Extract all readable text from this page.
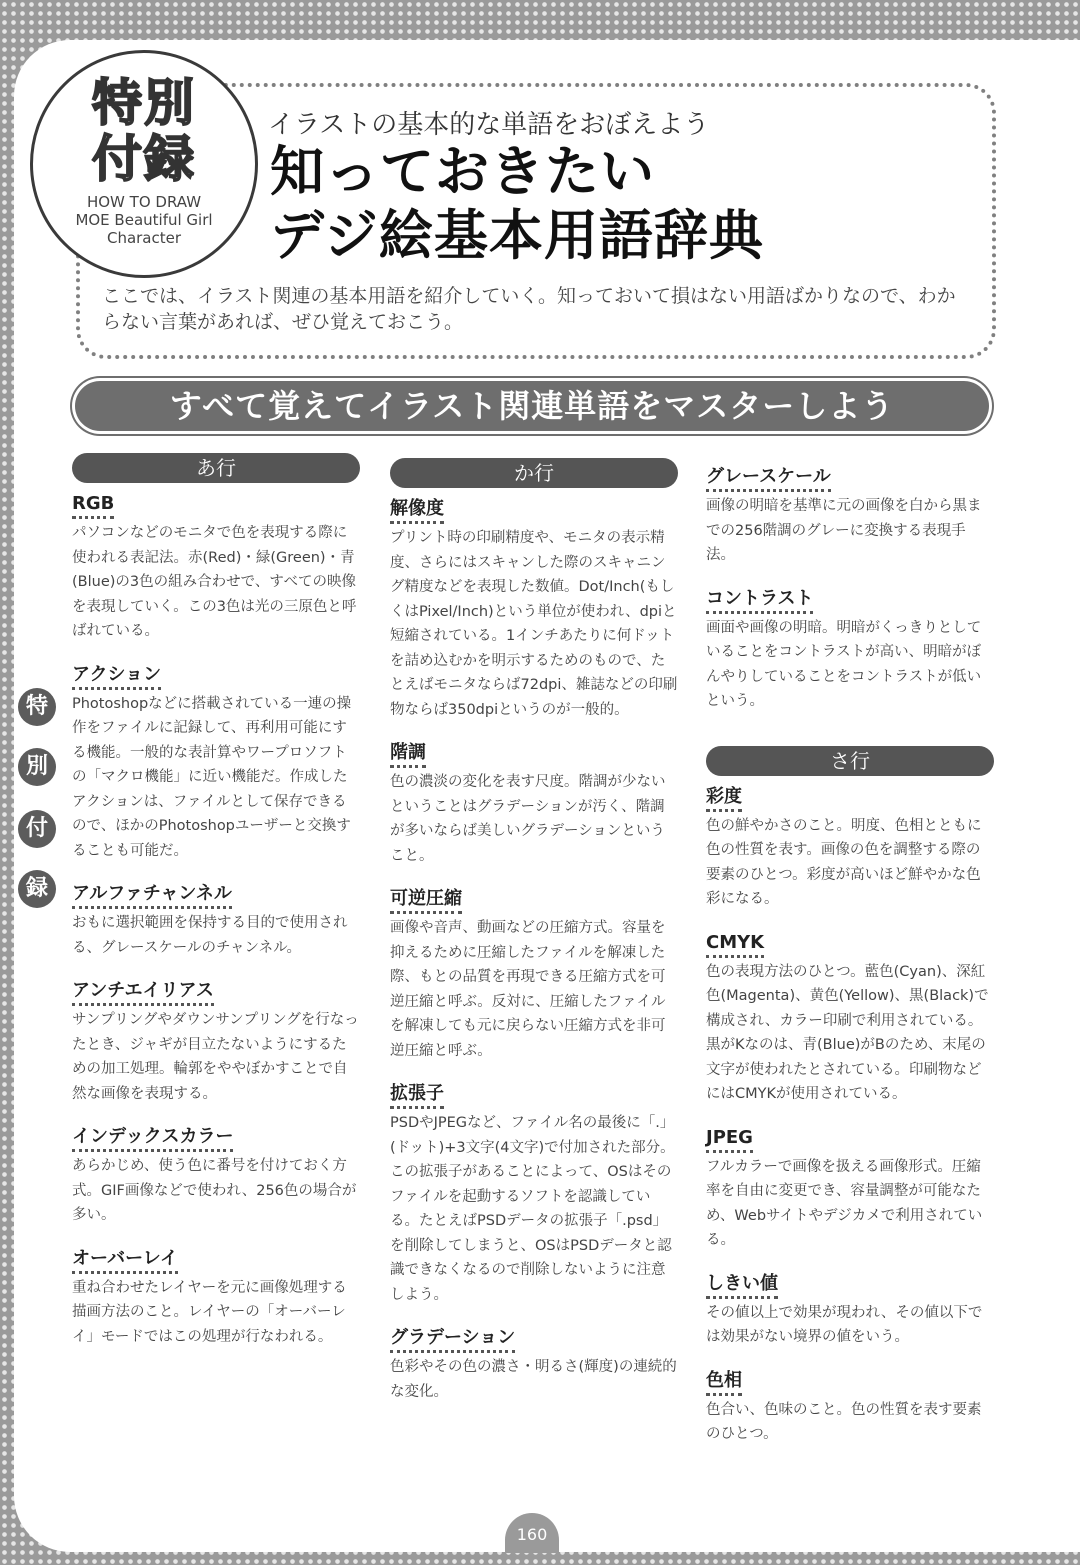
特別
付録
HOW TO DRAW
MOE Beautiful Girl
Character
イラストの基本的な単語をおぼえよう
知っておきたい
デジ絵基本用語辞典
ここでは、イラスト関連の基本用語を紹介していく。知っておいて損はない用語ばかりなので、わからない言葉があれば、ぜひ覚えておこう。
すべて覚えてイラスト関連単語をマスターしよう
特
別
付
録
あ行
RGB

パソコンなどのモニタで色を表現する際に使われる表記法。赤(Red)・緑(Green)・青(Blue)の3色の組み合わせで、すべての映像を表現していく。この3色は光の三原色と呼ばれている。

アクション

Photoshopなどに搭載されている一連の操作をファイルに記録して、再利用可能にする機能。一般的な表計算やワープロソフトの「マクロ機能」に近い機能だ。作成したアクションは、ファイルとして保存できるので、ほかのPhotoshopユーザーと交換することも可能だ。

アルファチャンネル

おもに選択範囲を保持する目的で使用される、グレースケールのチャンネル。

アンチエイリアス

サンプリングやダウンサンプリングを行なったとき、ジャギが目立たないようにするための加工処理。輪郭をややぼかすことで自然な画像を表現する。

インデックスカラー

あらかじめ、使う色に番号を付けておく方式。GIF画像などで使われ、256色の場合が多い。

オーバーレイ

重ね合わせたレイヤーを元に画像処理する描画方法のこと。レイヤーの「オーバーレイ」モードではこの処理が行なわれる。

か行
解像度

プリント時の印刷精度や、モニタの表示精度、さらにはスキャンした際のスキャニング精度などを表現した数値。Dot/Inch(もしくはPixel/Inch)という単位が使われ、dpiと短縮されている。1インチあたりに何ドットを詰め込むかを明示するためのもので、たとえばモニタならば72dpi、雑誌などの印刷物ならば350dpiというのが一般的。

階調

色の濃淡の変化を表す尺度。階調が少ないということはグラデーションが汚く、階調が多いならば美しいグラデーションということ。

可逆圧縮

画像や音声、動画などの圧縮方式。容量を抑えるために圧縮したファイルを解凍した際、もとの品質を再現できる圧縮方式を可逆圧縮と呼ぶ。反対に、圧縮したファイルを解凍しても元に戻らない圧縮方式を非可逆圧縮と呼ぶ。

拡張子

PSDやJPEGなど、ファイル名の最後に「.」(ドット)+3文字(4文字)で付加された部分。この拡張子があることによって、OSはそのファイルを起動するソフトを認識している。たとえばPSDデータの拡張子「.psd」を削除してしまうと、OSはPSDデータと認識できなくなるので削除しないように注意しよう。

グラデーション

色彩やその色の濃さ・明るさ(輝度)の連続的な変化。

グレースケール

画像の明暗を基準に元の画像を白から黒までの256階調のグレーに変換する表現手法。

コントラスト

画面や画像の明暗。明暗がくっきりとしていることをコントラストが高い、明暗がぼんやりしていることをコントラストが低いという。

さ行
彩度

色の鮮やかさのこと。明度、色相とともに色の性質を表す。画像の色を調整する際の要素のひとつ。彩度が高いほど鮮やかな色彩になる。

CMYK

色の表現方法のひとつ。藍色(Cyan)、深紅色(Magenta)、黄色(Yellow)、黒(Black)で構成され、カラー印刷で利用されている。黒がKなのは、青(Blue)がBのため、末尾の文字が使われたとされている。印刷物などにはCMYKが使用されている。

JPEG

フルカラーで画像を扱える画像形式。圧縮率を自由に変更でき、容量調整が可能なため、Webサイトやデジカメで利用されている。

しきい値

その値以上で効果が現われ、その値以下では効果がない境界の値をいう。

色相

色合い、色味のこと。色の性質を表す要素のひとつ。

160
